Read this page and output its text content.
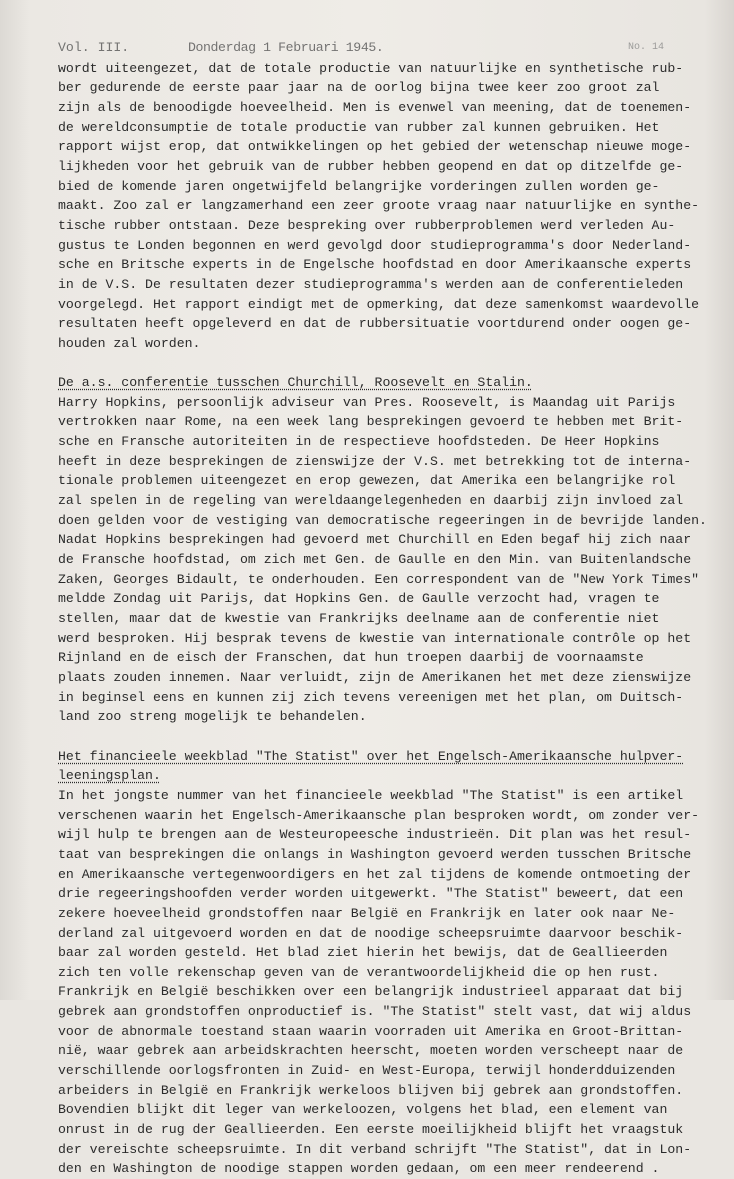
Vol. III.	Donderdag 1 Februari 1945.	No. 14
wordt uiteengezet, dat de totale productie van natuurlijke en synthetische rub-
ber gedurende de eerste paar jaar na de oorlog bijna twee keer zoo groot zal
zijn als de benoodigde hoeveelheid. Men is evenwel van meening, dat de toenemen-
de wereldconsumptie de totale productie van rubber zal kunnen gebruiken. Het
rapport wijst erop, dat ontwikkelingen op het gebied der wetenschap nieuwe moge-
lijkheden voor het gebruik van de rubber hebben geopend en dat op ditzelfde ge-
bied de komende jaren ongetwijfeld belangrijke vorderingen zullen worden ge-
maakt. Zoo zal er langzamerhand een zeer groote vraag naar natuurlijke en synthe-
tische rubber ontstaan. Deze bespreking over rubberproblemen werd verleden Au-
gustus te Londen begonnen en werd gevolgd door studieprogramma's door Nederland-
sche en Britsche experts in de Engelsche hoofdstad en door Amerikaansche experts
in de V.S. De resultaten dezer studieprogramma's werden aan de conferentieleden
voorgelegd. Het rapport eindigt met de opmerking, dat deze samenkomst waardevolle
resultaten heeft opgeleverd en dat de rubbersituatie voortdurend onder oogen ge-
houden zal worden.
De a.s. conferentie tusschen Churchill, Roosevelt en Stalin.
Harry Hopkins, persoonlijk adviseur van Pres. Roosevelt, is Maandag uit Parijs
vertrokken naar Rome, na een week lang besprekingen gevoerd te hebben met Brit-
sche en Fransche autoriteiten in de respectieve hoofdsteden. De Heer Hopkins
heeft in deze besprekingen de zienswijze der V.S. met betrekking tot de interna-
tionale problemen uiteengezet en erop gewezen, dat Amerika een belangrijke rol
zal spelen in de regeling van wereldaangelegenheden en daarbij zijn invloed zal
doen gelden voor de vestiging van democratische regeeringen in de bevrijde landen.
Nadat Hopkins besprekingen had gevoerd met Churchill en Eden begaf hij zich naar
de Fransche hoofdstad, om zich met Gen. de Gaulle en den Min. van Buitenlandsche
Zaken, Georges Bidault, te onderhouden. Een correspondent van de "New York Times"
meldde Zondag uit Parijs, dat Hopkins Gen. de Gaulle verzocht had, vragen te
stellen, maar dat de kwestie van Frankrijks deelname aan de conferentie niet
werd besproken. Hij besprak tevens de kwestie van internationale contrôle op het
Rijnland en de eisch der Franschen, dat hun troepen daarbij de voornaamste
plaats zouden innemen. Naar verluidt, zijn de Amerikanen het met deze zienswijze
in beginsel eens en kunnen zij zich tevens vereenigen met het plan, om Duitsch-
land zoo streng mogelijk te behandelen.
Het financieele weekblad "The Statist" over het Engelsch-Amerikaansche hulpver-
leeningsplan.
In het jongste nummer van het financieele weekblad "The Statist" is een artikel
verschenen waarin het Engelsch-Amerikaansche plan besproken wordt, om zonder ver-
wijl hulp te brengen aan de Westeuropeesche industrieën. Dit plan was het resul-
taat van besprekingen die onlangs in Washington gevoerd werden tusschen Britsche
en Amerikaansche vertegenwoordigers en het zal tijdens de komende ontmoeting der
drie regeeringshoofden verder worden uitgewerkt. "The Statist" beweert, dat een
zekere hoeveelheid grondstoffen naar België en Frankrijk en later ook naar Ne-
derland zal uitgevoerd worden en dat de noodige scheepsruimte daarvoor beschik-
baar zal worden gesteld. Het blad ziet hierin het bewijs, dat de Geallieerden
zich ten volle rekenschap geven van de verantwoordelijkheid die op hen rust.
Frankrijk en België beschikken over een belangrijk industrieel apparaat dat bij
gebrek aan grondstoffen onproductief is. "The Statist" stelt vast, dat wij aldus
voor de abnormale toestand staan waarin voorraden uit Amerika en Groot-Brittan-
nië, waar gebrek aan arbeidskrachten heerscht, moeten worden verscheept naar de
verschillende oorlogsfronten in Zuid- en West-Europa, terwijl honderdduizenden
arbeiders in België en Frankrijk werkeloos blijven bij gebrek aan grondstoffen.
Bovendien blijkt dit leger van werkeloozen, volgens het blad, een element van
onrust in de rug der Geallieerden. Een eerste moeilijkheid blijft het vraagstuk
der vereischte scheepsruimte. In dit verband schrijft "The Statist", dat in Lon-
den en Washington de noodige stappen worden gedaan, om een meer rendeerend .
